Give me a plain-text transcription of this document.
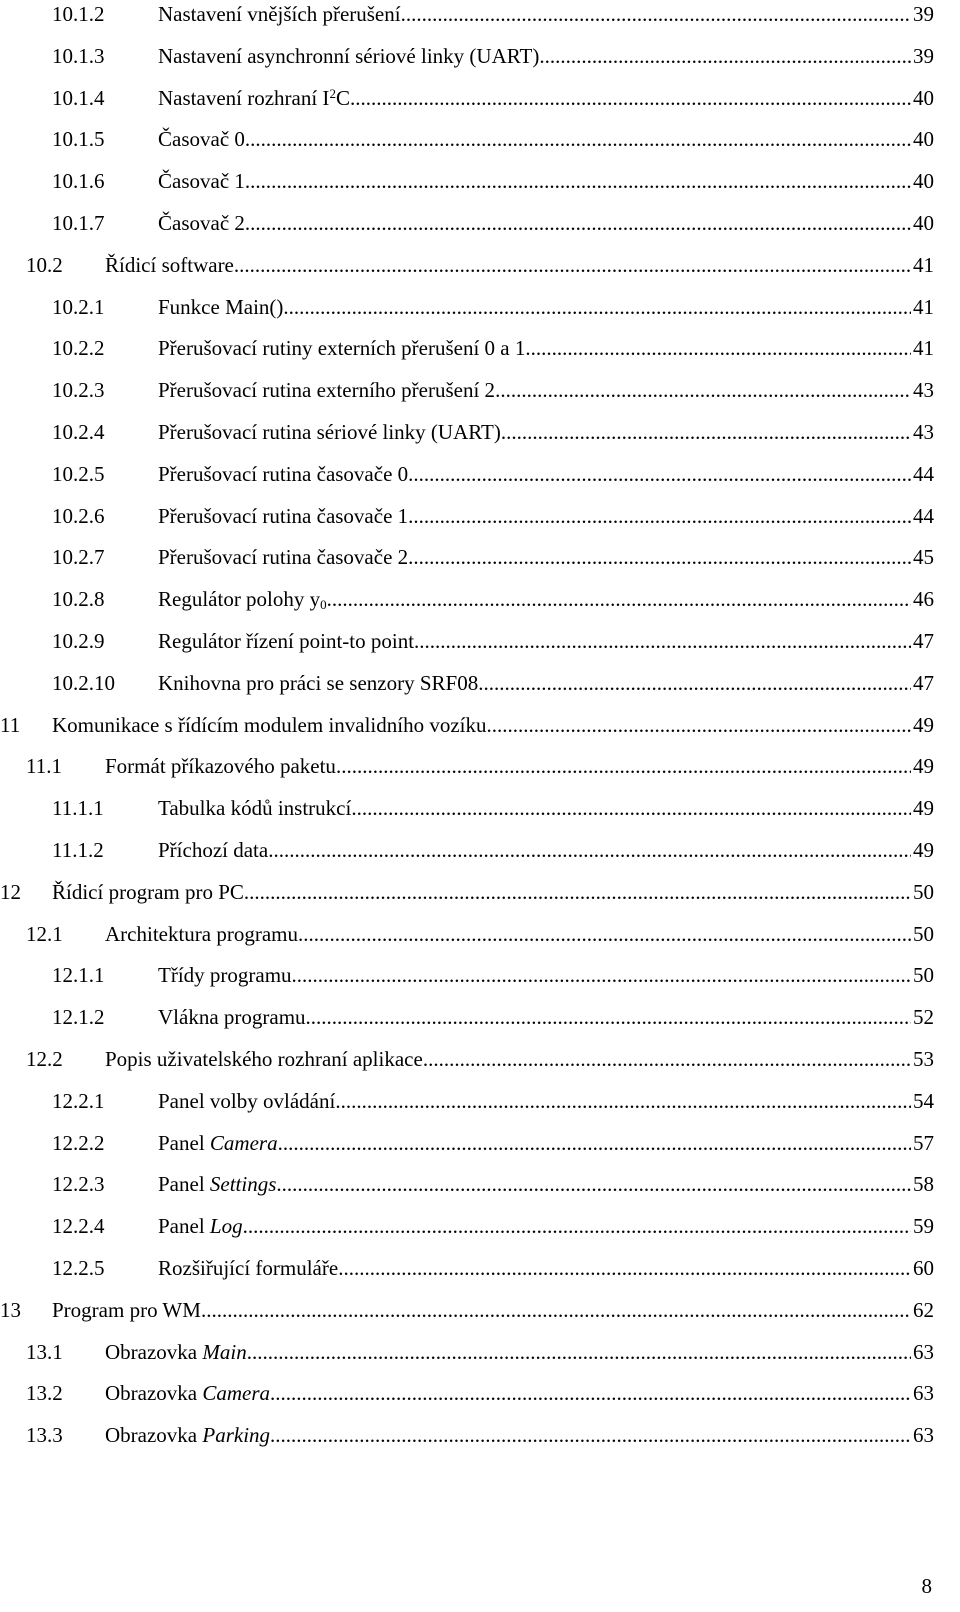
10.1.2	Nastavení vnějších přerušení .....	39
10.1.3	Nastavení asynchronní sériové linky (UART) .....	39
10.1.4	Nastavení rozhraní $I^2C$ .....	40
10.1.5	Časovač 0 .....	40
10.1.6	Časovač 1 .....	40
10.1.7	Časovač 2 .....	40
10.2 Řídicí software .....	41
10.2.1	Funkce Main() .....	41
10.2.2	Přerušovací rutiny externích přerušení 0 a 1 .....	41
10.2.3	Přerušovací rutina externího přerušení 2 .....	43
10.2.4	Přerušovací rutina sériové linky (UART) .....	43
10.2.5	Přerušovací rutina časovače 0 .....	44
10.2.6	Přerušovací rutina časovače 1 .....	44
10.2.7	Přerušovací rutina časovače 2 .....	45
10.2.8	Regulátor polohy $y_0$ .....	46
10.2.9	Regulátor řízení point-to point .....	47
10.2.10 Knihovna pro práci se senzory SRF08 .....	47
11 Komunikace s řídícím modulem invalidního vozíku .....	49
11.1 Formát příkazového paketu .....	49
11.1.1	Tabulka kódů instrukcí .....	49
11.1.2	Příchozí data .....	49
12 Řídicí program pro PC .....	50
12.1 Architektura programu .....	50
12.1.1	Třídy programu .....	50
12.1.2	Vlákna programu .....	52
12.2 Popis uživatelského rozhraní aplikace .....	53
12.2.1	Panel volby ovládání .....	54
12.2.2	Panel Camera .....	57
12.2.3	Panel Settings .....	58
12.2.4	Panel Log .....	59
12.2.5	Rozšiřující formuláře .....	60
13 Program pro WM .....	62
13.1 Obrazovka Main .....	63
13.2 Obrazovka Camera .....	63
13.3 Obrazovka Parking .....	63
8
